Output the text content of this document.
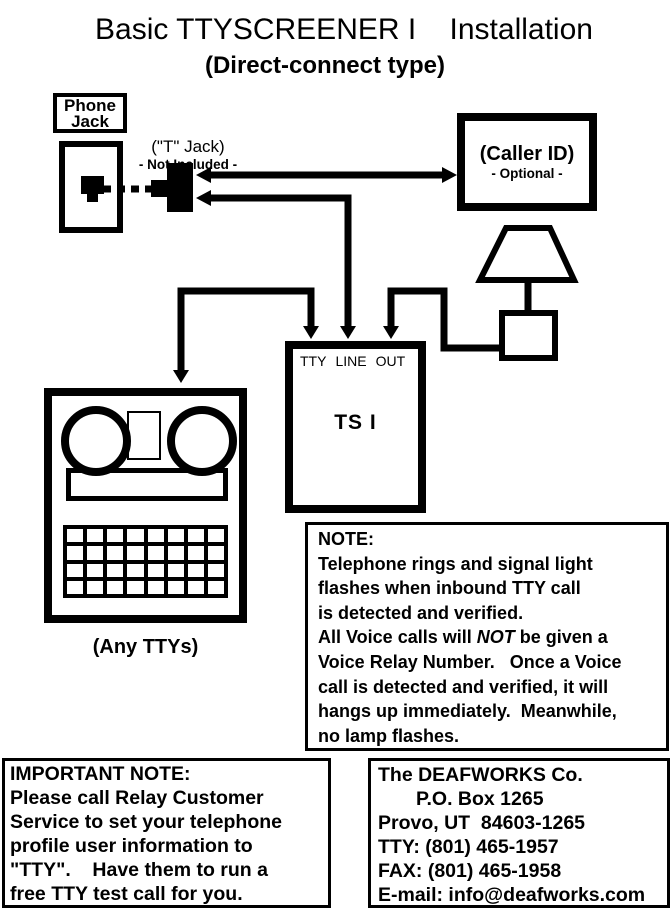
Basic TTYSCREENER I    Installation
(Direct-connect type)
Phone
Jack
("T" Jack)
- Not Included -	(Caller ID)
- Optional -
TTY LINE OUT
TS I
(Any TTYs)
NOTE:
Telephone rings and signal light
flashes when inbound TTY call
is detected and verified.
All Voice calls will NOT be given a
Voice Relay Number.   Once a Voice
call is detected and verified, it will
hangs up immediately.  Meanwhile,
no lamp flashes.
IMPORTANT NOTE:
Please call Relay Customer
Service to set your telephone
profile user information to
"TTY".    Have them to run a
free TTY test call for you.
The DEAFWORKS Co.
P.O. Box 1265
Provo, UT  84603-1265
TTY: (801) 465-1957
FAX: (801) 465-1958
E-mail: info@deafworks.com
